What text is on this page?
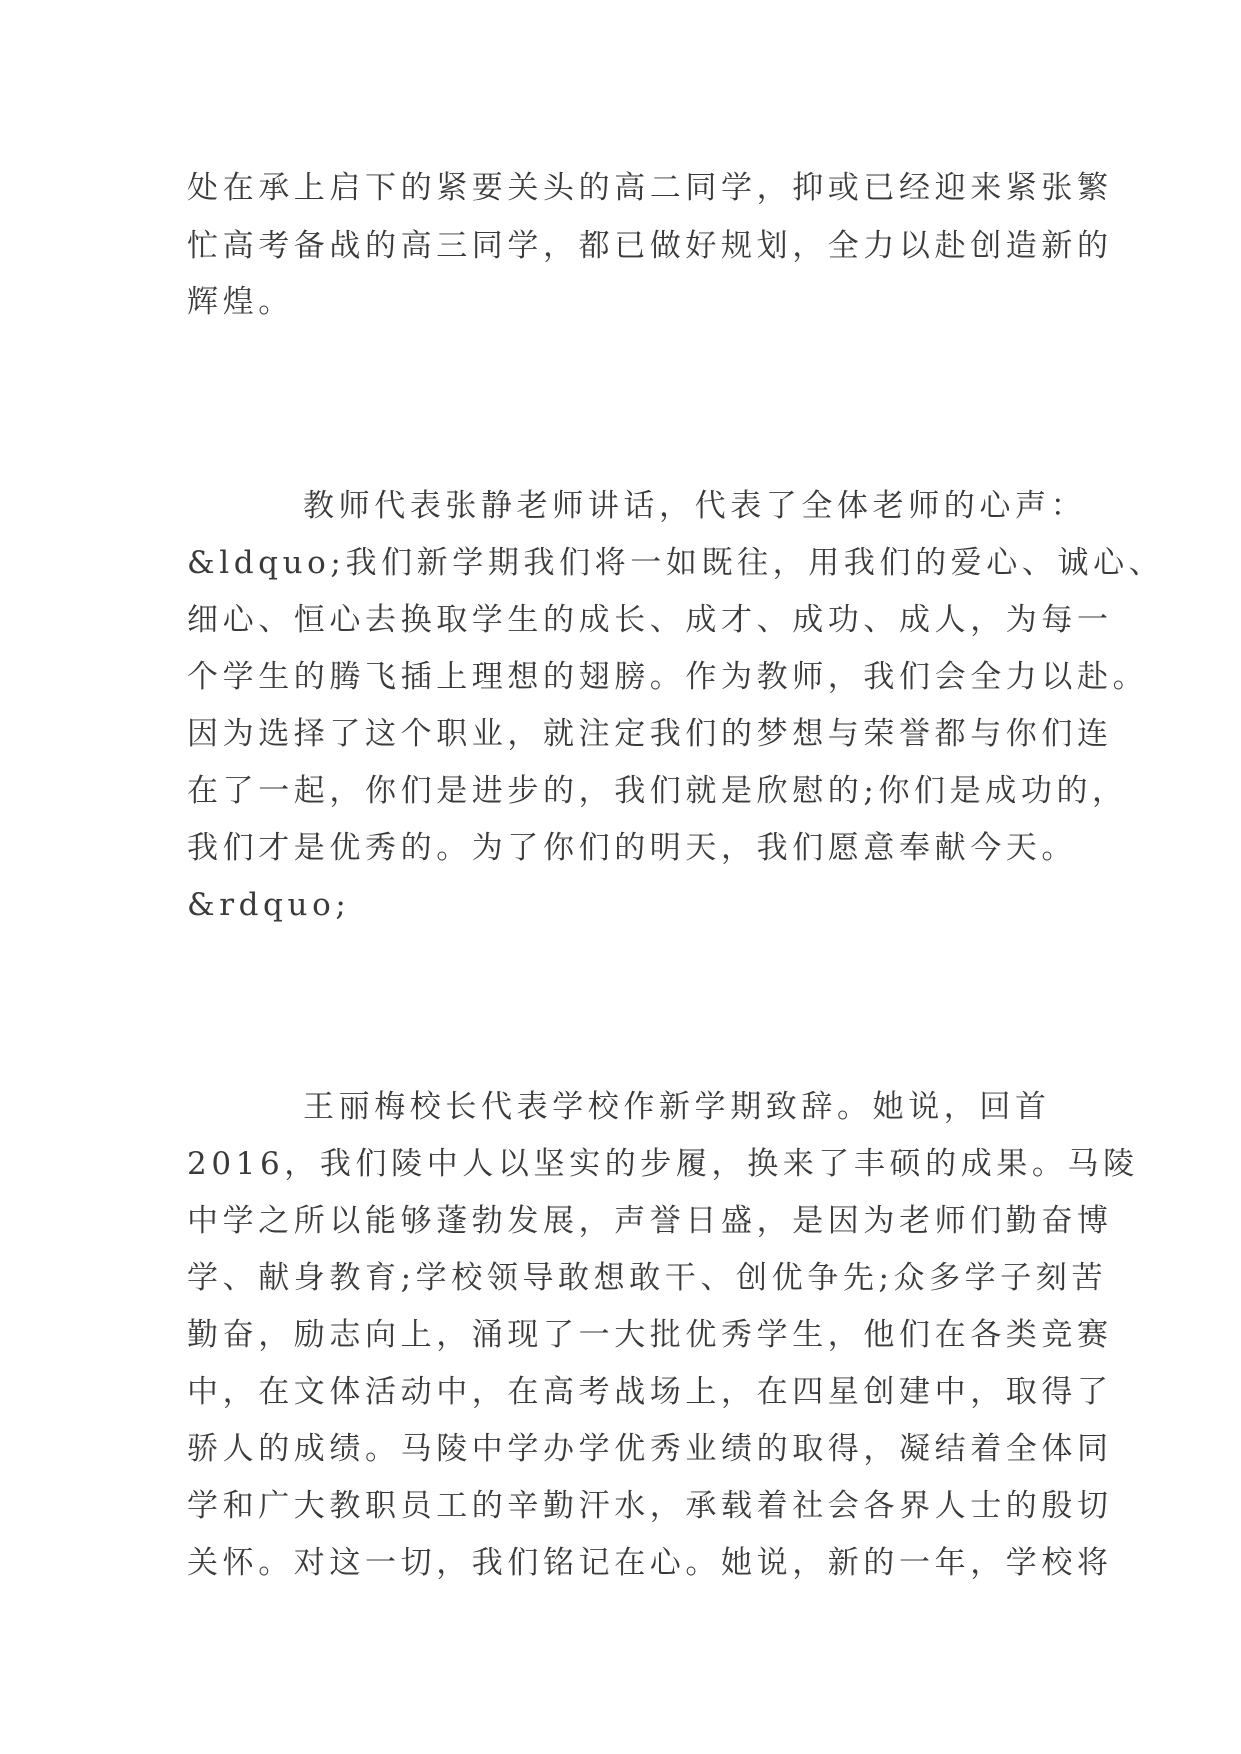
处在承上启下的紧要关头的高二同学，抑或已经迎来紧张繁
忙高考备战的高三同学，都已做好规划，全力以赴创造新的
辉煌。
教师代表张静老师讲话，代表了全体老师的心声：
&ldquo;我们新学期我们将一如既往，用我们的爱心、诚心、
细心、恒心去换取学生的成长、成才、成功、成人，为每一
个学生的腾飞插上理想的翅膀。作为教师，我们会全力以赴。
因为选择了这个职业，就注定我们的梦想与荣誉都与你们连
在了一起，你们是进步的，我们就是欣慰的;你们是成功的，
我们才是优秀的。为了你们的明天，我们愿意奉献今天。
&rdquo;
王丽梅校长代表学校作新学期致辞。她说，回首
2016，我们陵中人以坚实的步履，换来了丰硕的成果。马陵
中学之所以能够蓬勃发展，声誉日盛，是因为老师们勤奋博
学、献身教育;学校领导敢想敢干、创优争先;众多学子刻苦
勤奋，励志向上，涌现了一大批优秀学生，他们在各类竞赛
中，在文体活动中，在高考战场上，在四星创建中，取得了
骄人的成绩。马陵中学办学优秀业绩的取得，凝结着全体同
学和广大教职员工的辛勤汗水，承载着社会各界人士的殷切
关怀。对这一切，我们铭记在心。她说，新的一年，学校将
